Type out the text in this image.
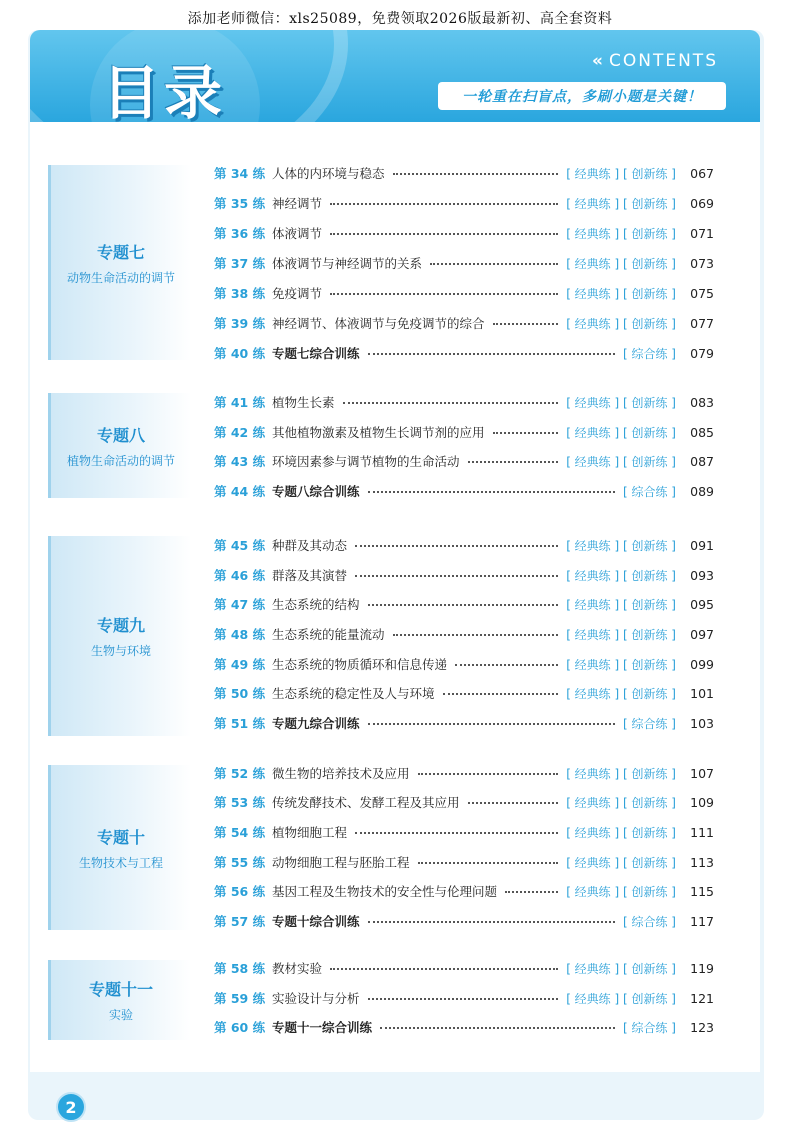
添加老师微信：xls25089，免费领取2026版最新初、高全套资料
目录	« CONTENTS
一轮重在扫盲点，多刷小题是关键！
专题七
动物生命活动的调节
专题八
植物生命活动的调节
专题九
生物与环境
专题十
生物技术与工程
专题十一
实验
第 34 练 人体的内环境与稳态	[ 经典练 ] [ 创新练 ]	067
第 35 练 神经调节	[ 经典练 ] [ 创新练 ]	069
第 36 练 体液调节	[ 经典练 ] [ 创新练 ]	071
第 37 练 体液调节与神经调节的关系	[ 经典练 ] [ 创新练 ]	073
第 38 练 免疫调节	[ 经典练 ] [ 创新练 ]	075
第 39 练 神经调节、体液调节与免疫调节的综合	[ 经典练 ] [ 创新练 ]	077
第 40 练 专题七综合训练	[ 综合练 ]	079
第 41 练 植物生长素	[ 经典练 ] [ 创新练 ]	083
第 42 练 其他植物激素及植物生长调节剂的应用	[ 经典练 ] [ 创新练 ]	085
第 43 练 环境因素参与调节植物的生命活动	[ 经典练 ] [ 创新练 ]	087
第 44 练 专题八综合训练	[ 综合练 ]	089
第 45 练 种群及其动态	[ 经典练 ] [ 创新练 ]	091
第 46 练 群落及其演替	[ 经典练 ] [ 创新练 ]	093
第 47 练 生态系统的结构	[ 经典练 ] [ 创新练 ]	095
第 48 练 生态系统的能量流动	[ 经典练 ] [ 创新练 ]	097
第 49 练 生态系统的物质循环和信息传递	[ 经典练 ] [ 创新练 ]	099
第 50 练 生态系统的稳定性及人与环境	[ 经典练 ] [ 创新练 ]	101
第 51 练 专题九综合训练	[ 综合练 ]	103
第 52 练 微生物的培养技术及应用	[ 经典练 ] [ 创新练 ]	107
第 53 练 传统发酵技术、发酵工程及其应用	[ 经典练 ] [ 创新练 ]	109
第 54 练 植物细胞工程	[ 经典练 ] [ 创新练 ]	111
第 55 练 动物细胞工程与胚胎工程	[ 经典练 ] [ 创新练 ]	113
第 56 练 基因工程及生物技术的安全性与伦理问题	[ 经典练 ] [ 创新练 ]	115
第 57 练 专题十综合训练	[ 综合练 ]	117
第 58 练 教材实验	[ 经典练 ] [ 创新练 ]	119
第 59 练 实验设计与分析	[ 经典练 ] [ 创新练 ]	121
第 60 练 专题十一综合训练	[ 综合练 ]	123
2
